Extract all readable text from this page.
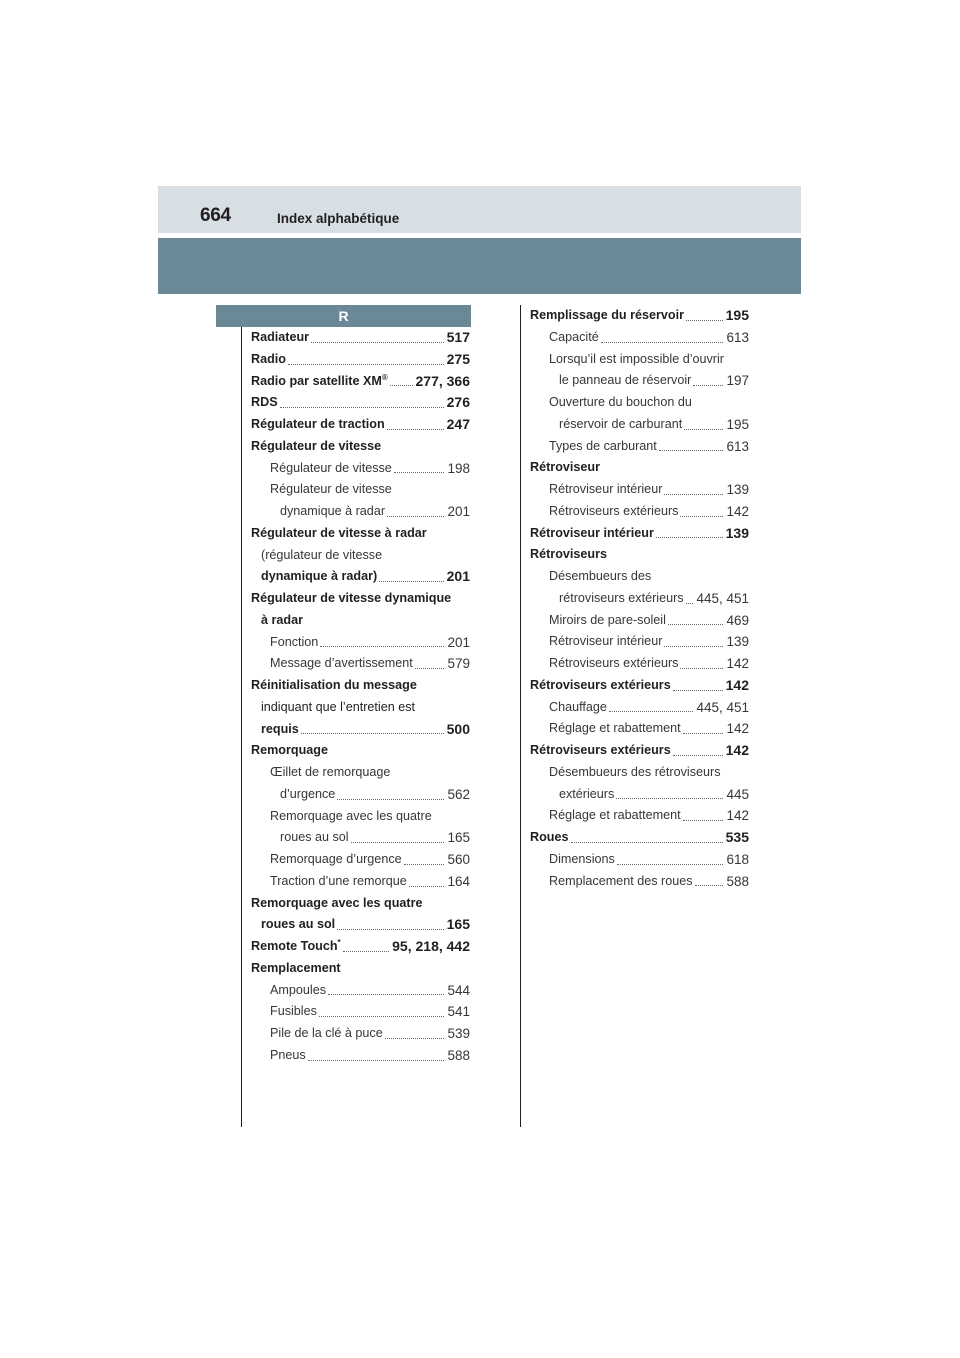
664	Index alphabétique
R
Radiateur	517
Radio	275
Radio par satellite XM® 277, 366
RDS	276
Régulateur de traction	247
Régulateur de vitesse
Régulateur de vitesse	198
Régulateur de vitesse
dynamique à radar	201
Régulateur de vitesse à radar
(régulateur de vitesse
dynamique à radar)	201
Régulateur de vitesse dynamique
à radar
Fonction	201
Message d’avertissement	579
Réinitialisation du message
indiquant que l’entretien est
requis	500
Remorquage
Œillet de remorquage
d’urgence	562
Remorquage avec les quatre
roues au sol	165
Remorquage d’urgence	560
Traction d’une remorque	164
Remorquage avec les quatre
roues au sol	165
Remote Touch*	95, 218, 442
Remplacement
Ampoules	544
Fusibles	541
Pile de la clé à puce	539
Pneus	588
Remplissage du réservoir	195
Capacité	613
Lorsqu’il est impossible d’ouvrir
le panneau de réservoir	197
Ouverture du bouchon du
réservoir de carburant	195
Types de carburant	613
Rétroviseur
Rétroviseur intérieur	139
Rétroviseurs extérieurs	142
Rétroviseur intérieur	139
Rétroviseurs
Désembueurs des
rétroviseurs extérieurs 445, 451
Miroirs de pare-soleil	469
Rétroviseur intérieur	139
Rétroviseurs extérieurs	142
Rétroviseurs extérieurs	142
Chauffage	445, 451
Réglage et rabattement	142
Rétroviseurs extérieurs	142
Désembueurs des rétroviseurs
extérieurs	445
Réglage et rabattement	142
Roues	535
Dimensions	618
Remplacement des roues	588
